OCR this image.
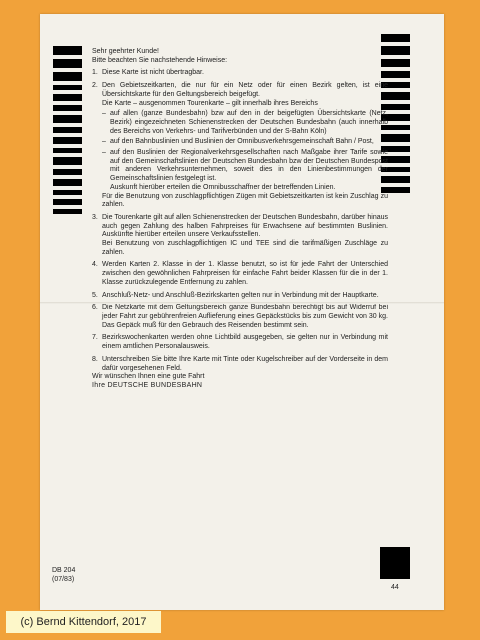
Sehr geehrter Kunde!

Bitte beachten Sie nachstehende Hinweise:

1. Diese Karte ist nicht übertragbar.

2. Den Gebietszeitkarten, die nur für ein Netz oder für einen Bezirk gelten, ist eine Übersichtskarte für den Geltungsbereich beigefügt.

Die Karte – ausgenommen Tourenkarte – gilt innerhalb ihres Bereichs

– auf allen (ganze Bundesbahn) bzw auf den in der beigefügten Übersichtskarte (Netz, Bezirk) eingezeichneten Schienenstrecken der Deutschen Bundesbahn (auch innerhalb des Bereichs von Verkehrs- und Tarifverbünden und der S-Bahn Köln)

– auf den Bahnbuslinien und Buslinien der Omnibusverkehrsgemeinschaft Bahn / Post,

– auf den Buslinien der Regionalverkehrsgesellschaften nach Maßgabe ihrer Tarife sowie auf den Gemeinschaftslinien der Deutschen Bundesbahn bzw der Deutschen Bundespost mit anderen Verkehrsunternehmen, soweit dies in den Linienbestimmungen der Gemeinschaftslinien festgelegt ist.

Auskunft hierüber erteilen die Omnibusschaffner der betreffenden Linien.

Für die Benutzung von zuschlagpflichtigen Zügen mit Gebietszeitkarten ist kein Zuschlag zu zahlen.

3. Die Tourenkarte gilt auf allen Schienenstrecken der Deutschen Bundesbahn, darüber hinaus auch gegen Zahlung des halben Fahrpreises für Erwachsene auf bestimmten Buslinien. Auskünfte hierüber erteilen unsere Verkaufsstellen.

Bei Benutzung von zuschlagpflichtigen IC und TEE sind die tarifmäßigen Zuschläge zu zahlen.

4. Werden Karten 2. Klasse in der 1. Klasse benutzt, so ist für jede Fahrt der Unterschied zwischen den gewöhnlichen Fahrpreisen für einfache Fahrt beider Klassen für die in der 1. Klasse zurückzulegende Entfernung zu zahlen.

5. Anschluß-Netz- und Anschluß-Bezirkskarten gelten nur in Verbindung mit der Hauptkarte.

6. Die Netzkarte mit dem Geltungsbereich ganze Bundesbahn berechtigt bis auf Widerruf bei jeder Fahrt zur gebührenfreien Auflieferung eines Gepäckstücks bis zum Gewicht von 30 kg. Das Gepäck muß für den Gebrauch des Reisenden bestimmt sein.

7. Bezirkswochenkarten werden ohne Lichtbild ausgegeben, sie gelten nur in Verbindung mit einem amtlichen Personalausweis.

8. Unterschreiben Sie bitte Ihre Karte mit Tinte oder Kugelschreiber auf der Vorderseite in dem dafür vorgesehenen Feld.

Wir wünschen Ihnen eine gute Fahrt

Ihre DEUTSCHE BUNDESBAHN

DB 204
(07/83)
44
(c) Bernd Kittendorf, 2017
